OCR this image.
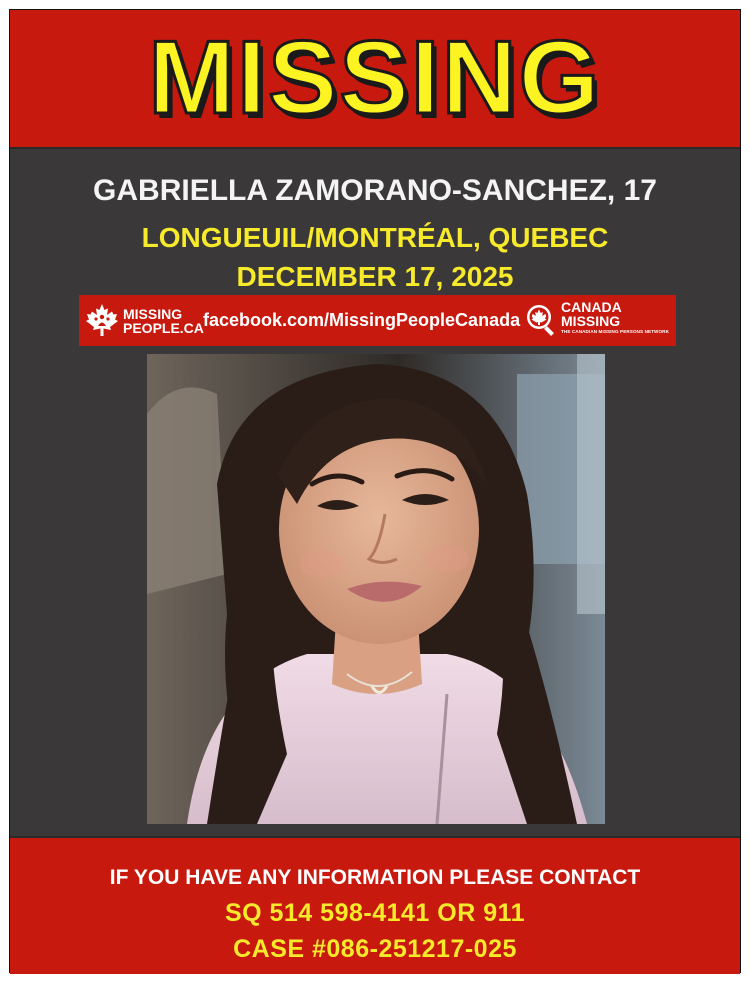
MISSING
GABRIELLA ZAMORANO-SANCHEZ, 17
LONGUEUIL/MONTRÉAL, QUEBEC
DECEMBER 17, 2025
MISSING
PEOPLE.CA facebook.com/MissingPeopleCanada
CANADA
MISSING
THE CANADIAN MISSING PERSONS NETWORK
IF YOU HAVE ANY INFORMATION PLEASE CONTACT
SQ 514 598-4141 OR 911
CASE #086-251217-025
